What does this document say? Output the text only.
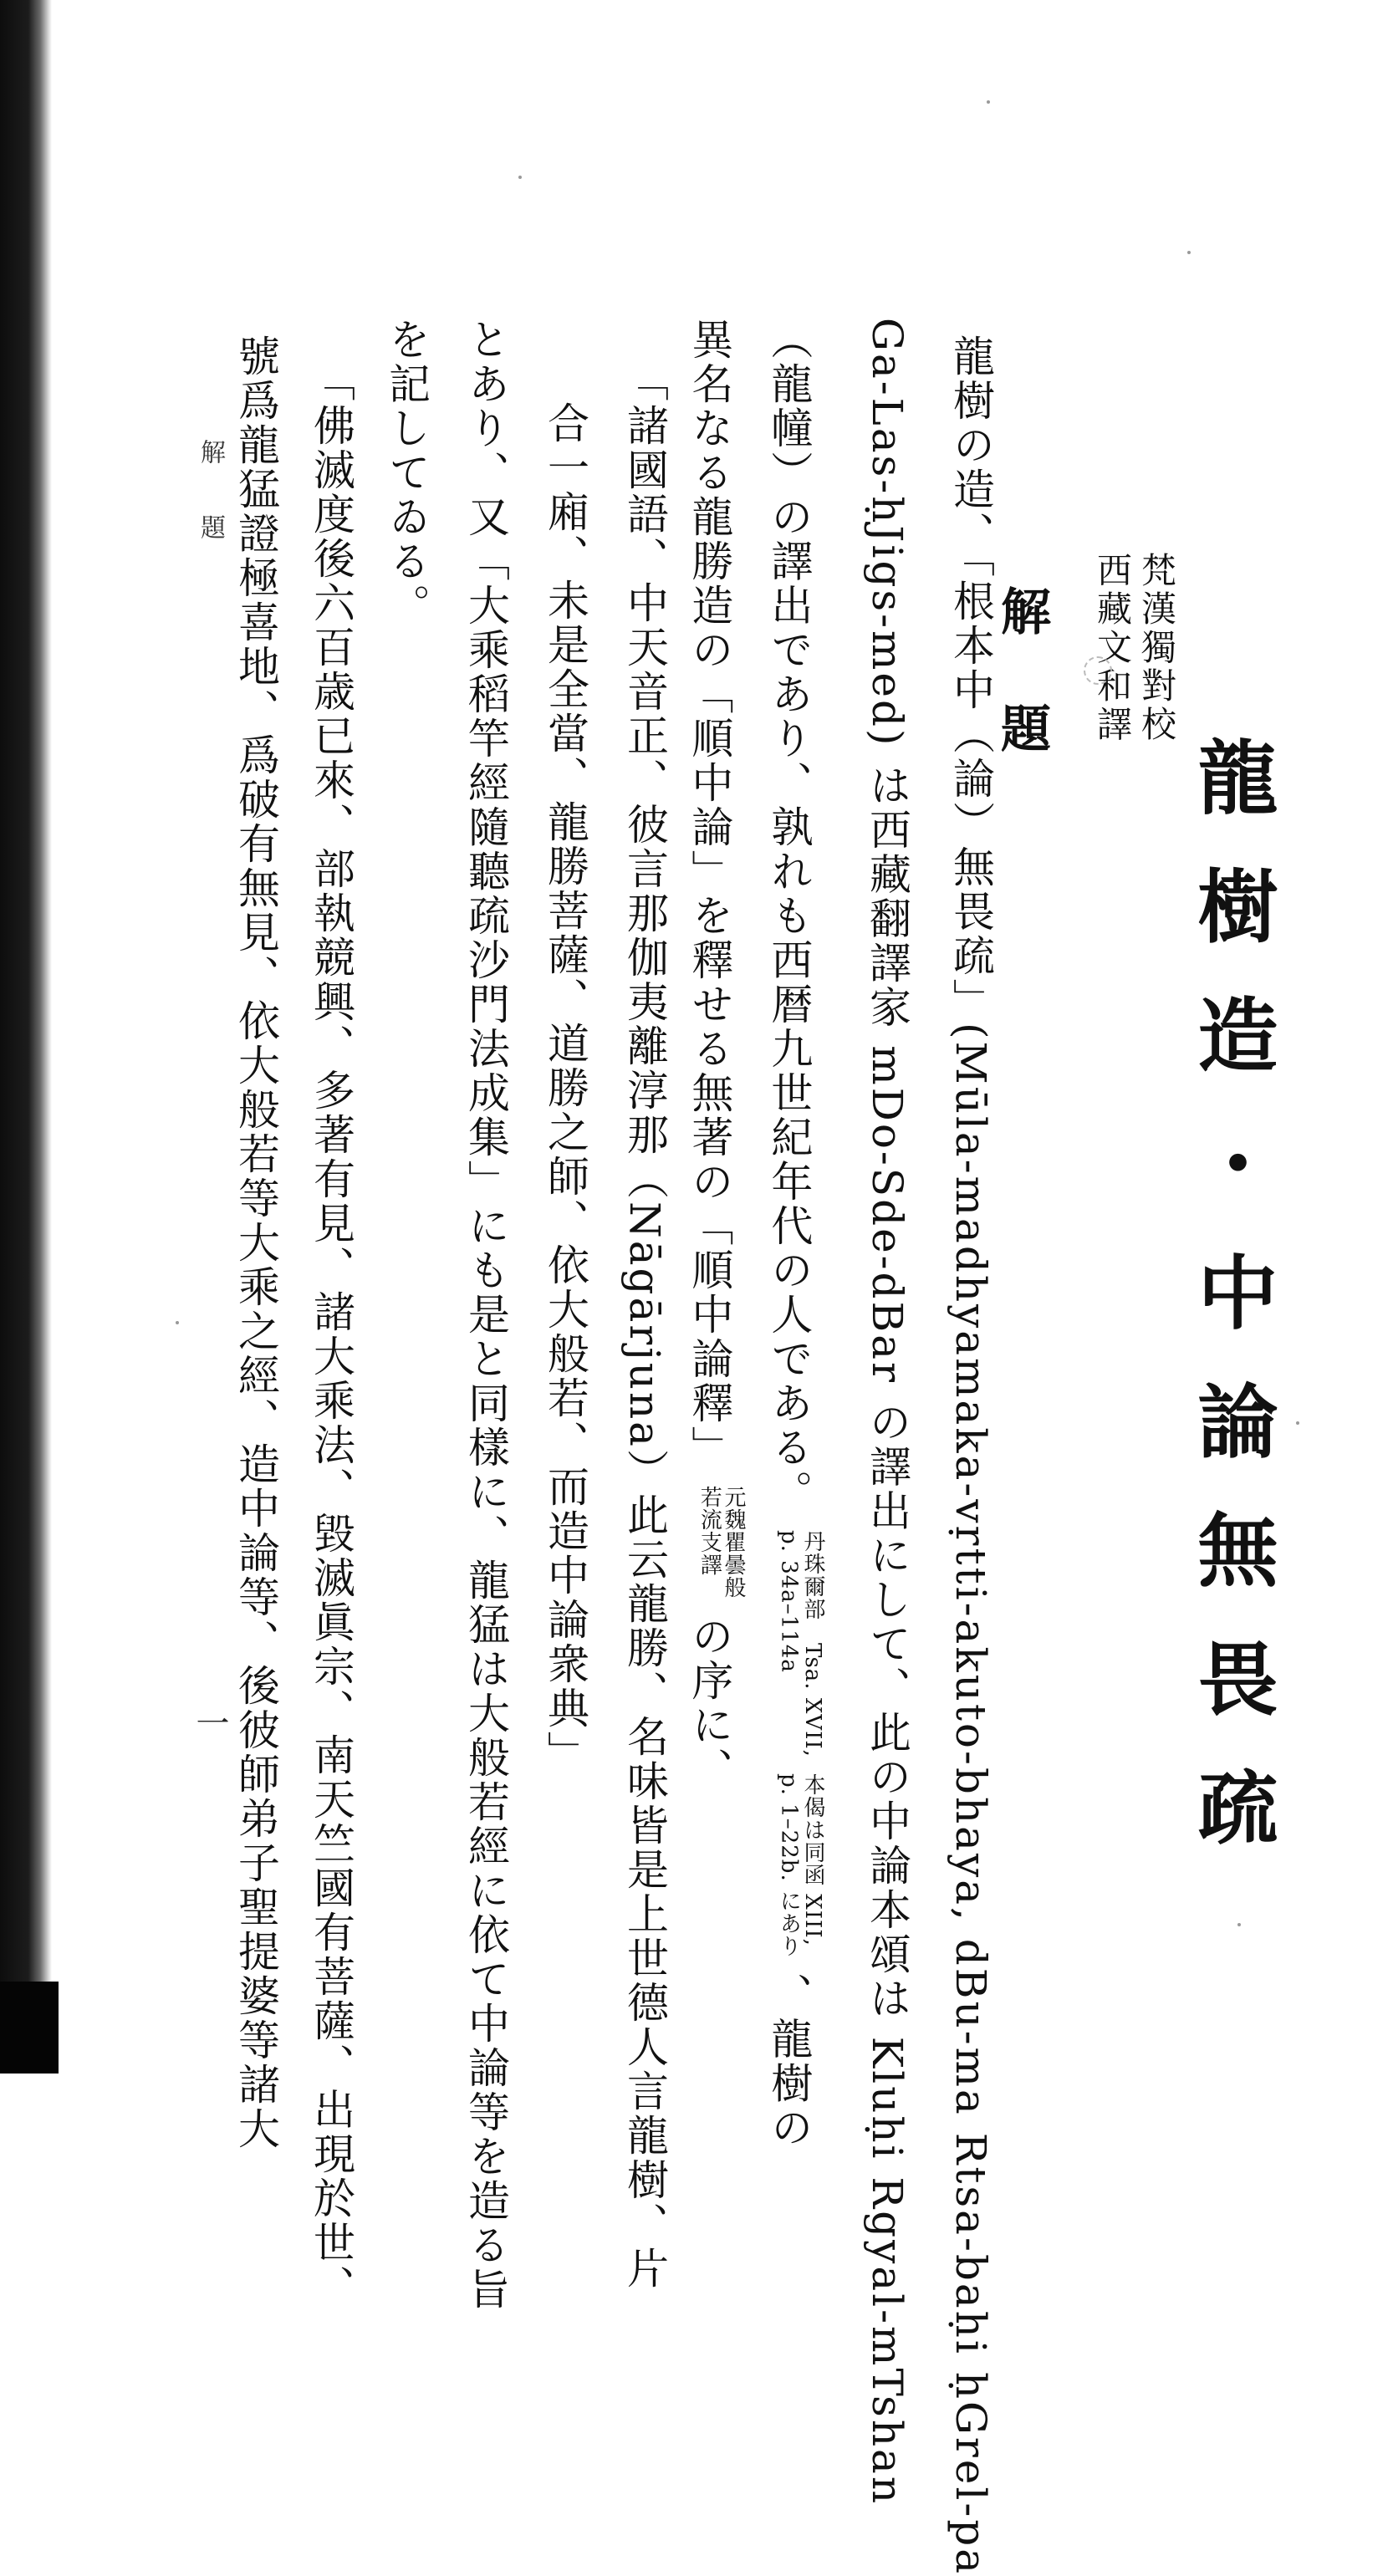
梵漢獨對校
西藏文和譯
龍樹造・中論無畏疏
解題
龍樹の造、「根本中（論）無畏疏」(Mūla-madhyamaka-vṛtti-akuto-bhaya, dBu-ma Rtsa-baḥi ḥGrel-pa
Ga-Las-ḥJigs-med) は西藏翻譯家 mDo-Sde-dBar の譯出にして、此の中論本頌は Kluḥi Rgyal-mTshan
（龍幢）の譯出であり、孰れも西暦九世紀年代の人である。 丹珠爾部　Tsa. XVII,
p. 34a–114a 本偈は同函 XIII,
p. 1–22b. にあり 、龍樹の
異名なる龍勝造の「順中論」を釋せる無著の「順中論釋」 元魏瞿曇般
若流支譯 の序に、
「諸國語、中天音正、彼言那伽夷離淳那（Nāgārjuna）此云龍勝、名味皆是上世德人言龍樹、片
合一廂、未是全當、龍勝菩薩、道勝之師、依大般若、而造中論衆典」
とあり、又「大乘稻竿經隨聽疏沙門法成集」にも是と同樣に、龍猛は大般若經に依て中論等を造る旨
を記してゐる。
「佛滅度後六百歳已來、部執競興、多著有見、諸大乘法、毀滅眞宗、南天竺國有菩薩、出現於世、
號爲龍猛證極喜地、爲破有無見、依大般若等大乘之經、造中論等、後彼師弟子聖提婆等諸大
解題
一
